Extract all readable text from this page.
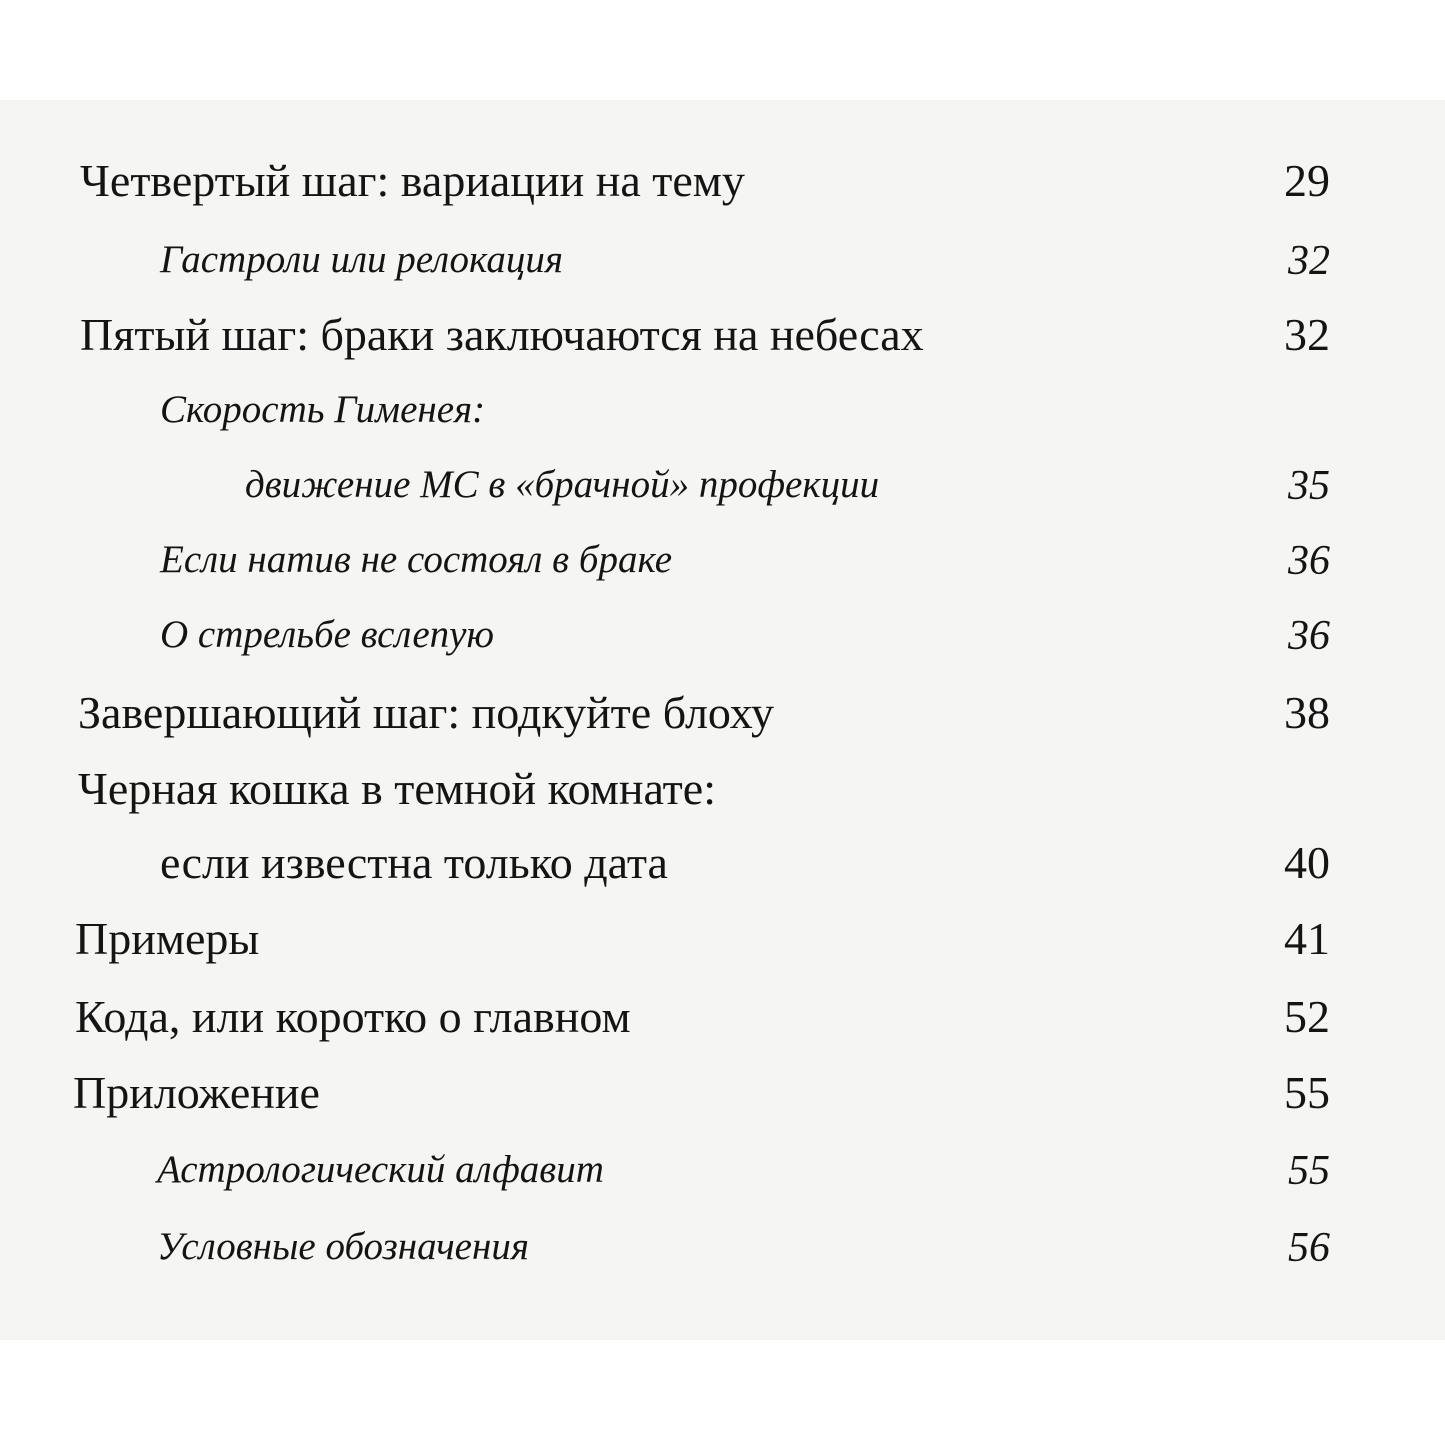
Четвертый шаг: вариации на тему	29
Гастроли или релокация	32
Пятый шаг: браки заключаются на небесах	32
Скорость Гименея:
движение МС в «брачной» профекции	35
Если натив не состоял в браке	36
О стрельбе вслепую	36
Завершающий шаг: подкуйте блоху	38
Черная кошка в темной комнате:
если известна только дата	40
Примеры	41
Кода, или коротко о главном	52
Приложение	55
Астрологический алфавит	55
Условные обозначения	56
